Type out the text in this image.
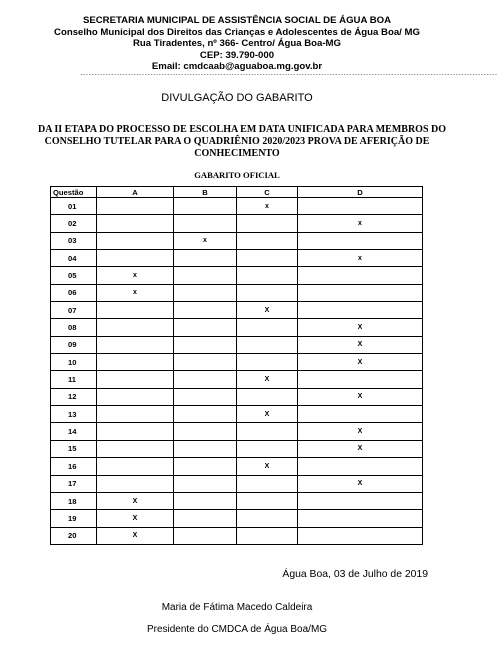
SECRETARIA MUNICIPAL DE ASSISTÊNCIA SOCIAL DE ÁGUA BOA
Conselho Municipal dos Direitos das Crianças e Adolescentes de Água Boa/ MG
Rua Tiradentes, nº 366- Centro/ Água Boa-MG
CEP: 39.790-000
Email: cmdcaab@aguaboa.mg.gov.br
-----------------------------------------------------------------------------------------------------------------------------------------------------
DIVULGAÇÃO DO GABARITO
DA II ETAPA DO PROCESSO DE ESCOLHA EM DATA UNIFICADA PARA MEMBROS DO
CONSELHO TUTELAR PARA O QUADRIÊNIO 2020/2023 PROVA DE AFERIÇÃO DE
CONHECIMENTO
GABARITO OFICIAL
Questão	A	B	C	D
01			x	
02				x
03		x		
04				x
05	x			
06	x			
07			X	
08				X
09				X
10				X
11			X	
12				X
13			X	
14				X
15				X
16			X	
17				X
18	X			
19	X			
20	X			
Água Boa, 03 de Julho de 2019
Maria de Fátima Macedo Caldeira
Presidente do CMDCA de Água Boa/MG
